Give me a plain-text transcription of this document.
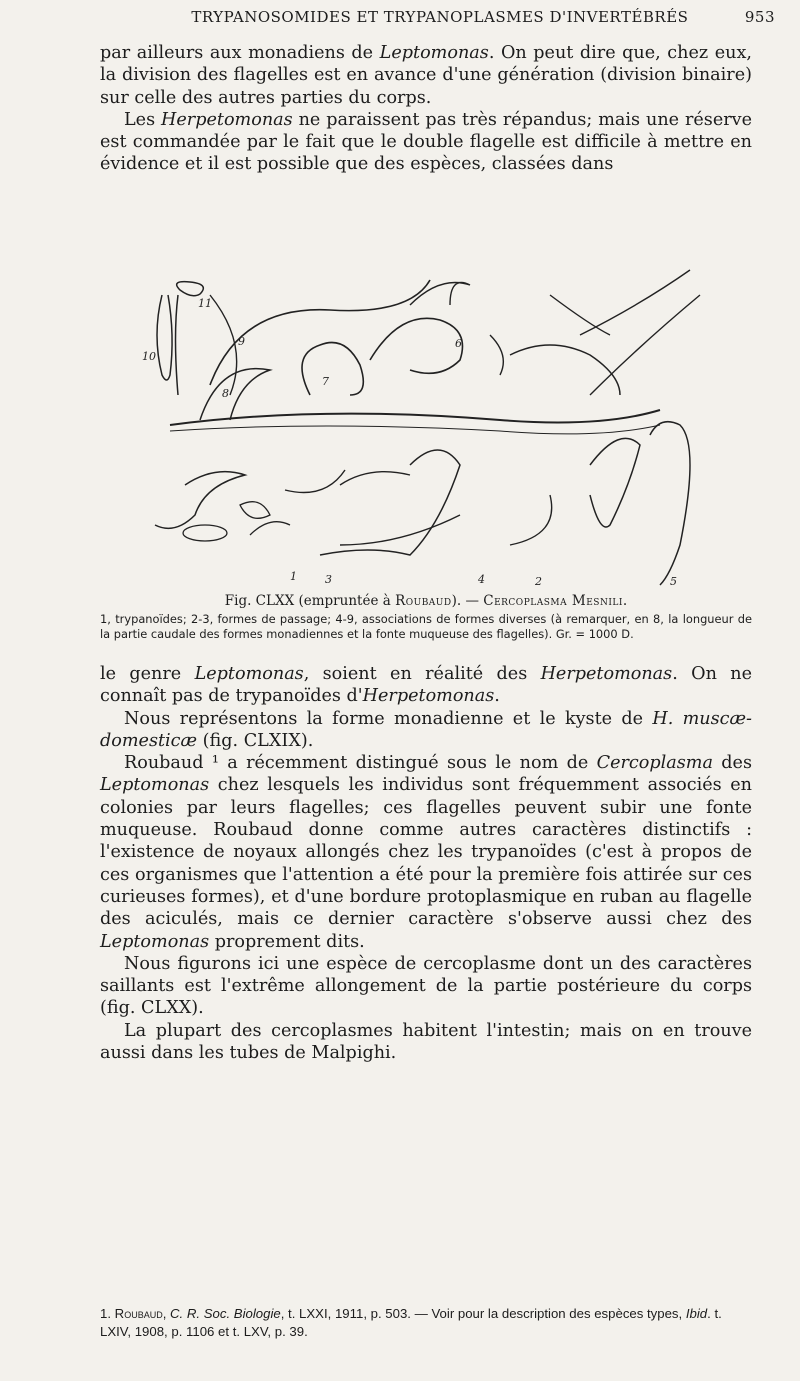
TRYPANOSOMIDES ET TRYPANOPLASMES D'INVERTÉBRÉS	953

par ailleurs aux monadiens de Leptomonas. On peut dire que, chez eux, la division des flagelles est en avance d'une génération (division binaire) sur celle des autres parties du corps.

Les Herpetomonas ne paraissent pas très répandus; mais une réserve est commandée par le fait que le double flagelle est difficile à mettre en évidence et il est possible que des espèces, classées dans

11
10
9
8
7
6
5
4
3	2
1
Fig. CLXX (empruntée à Roubaud). — Cercoplasma Mesnili.

1, trypanoïdes; 2-3, formes de passage; 4-9, associations de formes diverses (à remarquer, en 8, la longueur de la partie caudale des formes monadiennes et la fonte muqueuse des flagelles). Gr. = 1000 D.

le genre Leptomonas, soient en réalité des Herpetomonas. On ne connaît pas de trypanoïdes d'Herpetomonas.

Nous représentons la forme monadienne et le kyste de H. muscæ-domesticæ (fig. CLXIX).

Roubaud ¹ a récemment distingué sous le nom de Cercoplasma des Leptomonas chez lesquels les individus sont fréquemment associés en colonies par leurs flagelles; ces flagelles peuvent subir une fonte muqueuse. Roubaud donne comme autres caractères distinctifs : l'existence de noyaux allongés chez les trypanoïdes (c'est à propos de ces organismes que l'attention a été pour la première fois attirée sur ces curieuses formes), et d'une bordure protoplasmique en ruban au flagelle des aciculés, mais ce dernier caractère s'observe aussi chez des Leptomonas proprement dits.

Nous figurons ici une espèce de cercoplasme dont un des caractères saillants est l'extrême allongement de la partie postérieure du corps (fig. CLXX).

La plupart des cercoplasmes habitent l'intestin; mais on en trouve aussi dans les tubes de Malpighi.

1. Roubaud, C. R. Soc. Biologie, t. LXXI, 1911, p. 503. — Voir pour la description des espèces types, Ibid. t. LXIV, 1908, p. 1106 et t. LXV, p. 39.
